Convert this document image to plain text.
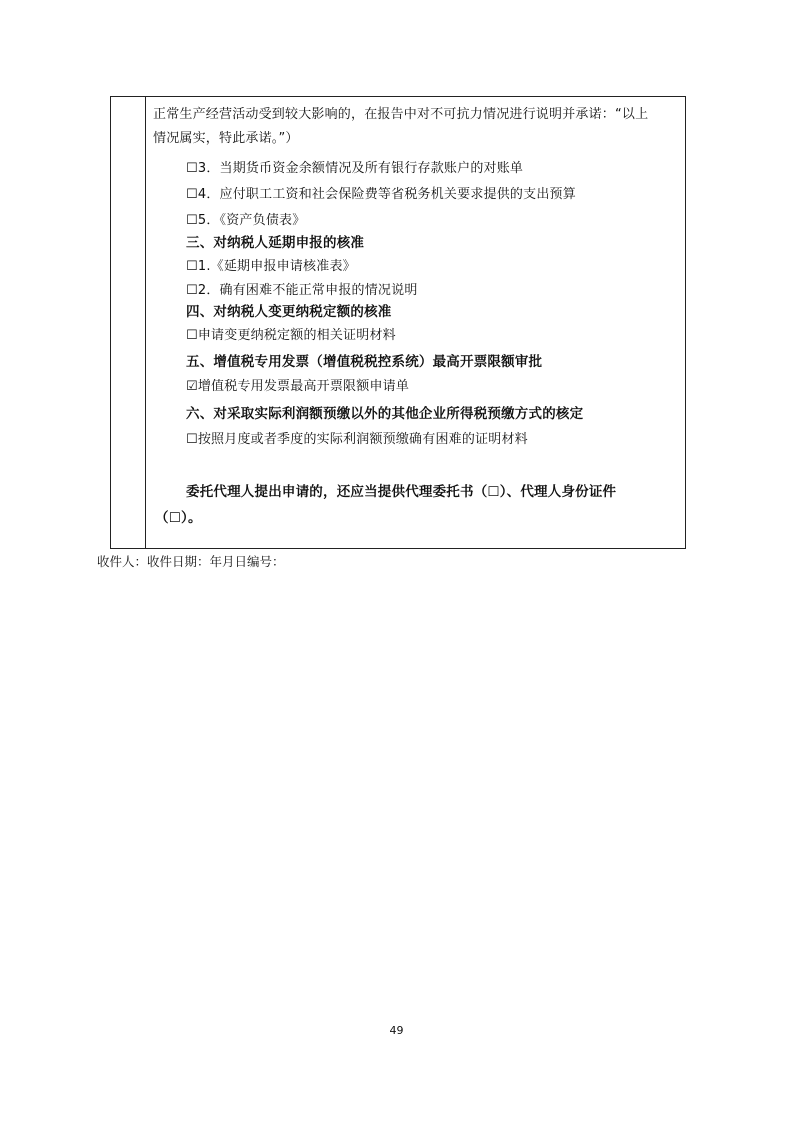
正常生产经营活动受到较大影响的，在报告中对不可抗力情况进行说明并承诺：“以上
情况属实，特此承诺。”）
☐3．当期货币资金余额情况及所有银行存款账户的对账单
☐4．应付职工工资和社会保险费等省税务机关要求提供的支出预算
☐5．《资产负债表》
三、对纳税人延期申报的核准
☐1.《延期申报申请核准表》
☐2．确有困难不能正常申报的情况说明
四、对纳税人变更纳税定额的核准
☐申请变更纳税定额的相关证明材料
五、增值税专用发票（增值税税控系统）最高开票限额审批
☑增值税专用发票最高开票限额申请单
六、对采取实际利润额预缴以外的其他企业所得税预缴方式的核定
☐按照月度或者季度的实际利润额预缴确有困难的证明材料
委托代理人提出申请的，还应当提供代理委托书（☐）、代理人身份证件
（☐）。
收件人：收件日期：年月日编号：
49
